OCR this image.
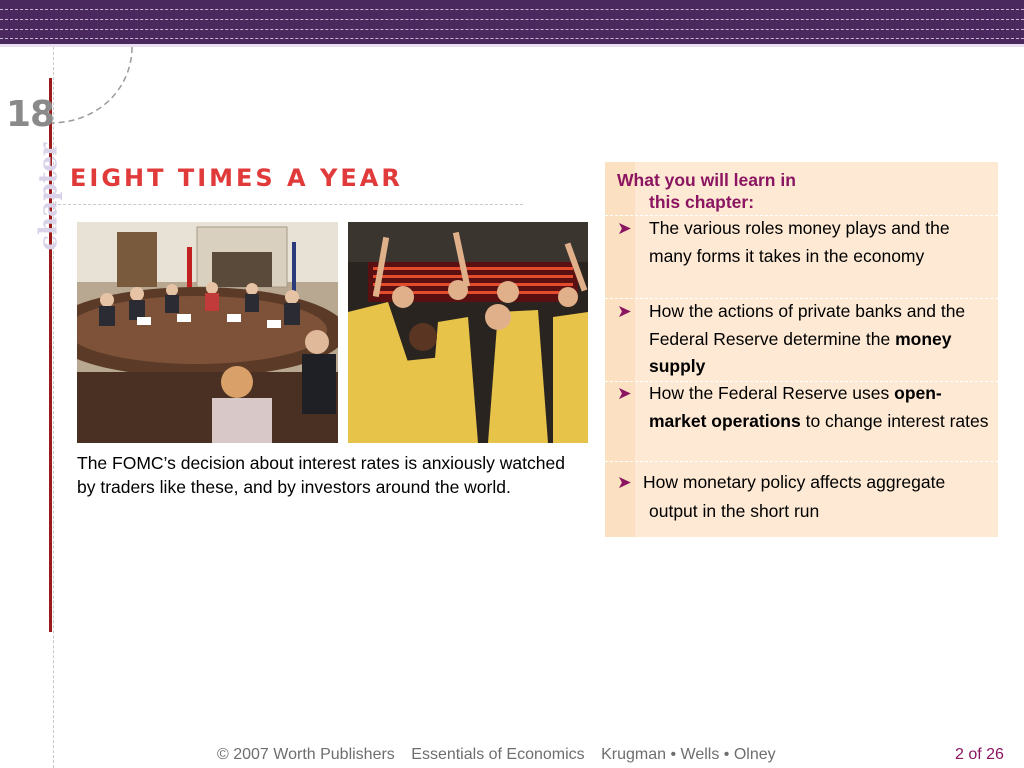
18
chapter EIGHT TIMES A YEAR
The FOMC’s decision about interest rates is anxiously watched by traders like these, and by investors around the world.
What you will learn in
this chapter:
➤ The various roles money plays and the many forms it takes in the economy
➤ How the actions of private banks and the Federal Reserve determine the money supply
➤ How the Federal Reserve uses open-market operations to change interest rates
➤ How monetary policy affects aggregate output in the short run
© 2007 Worth Publishers Essentials of Economics Krugman • Wells • Olney	2 of 26
